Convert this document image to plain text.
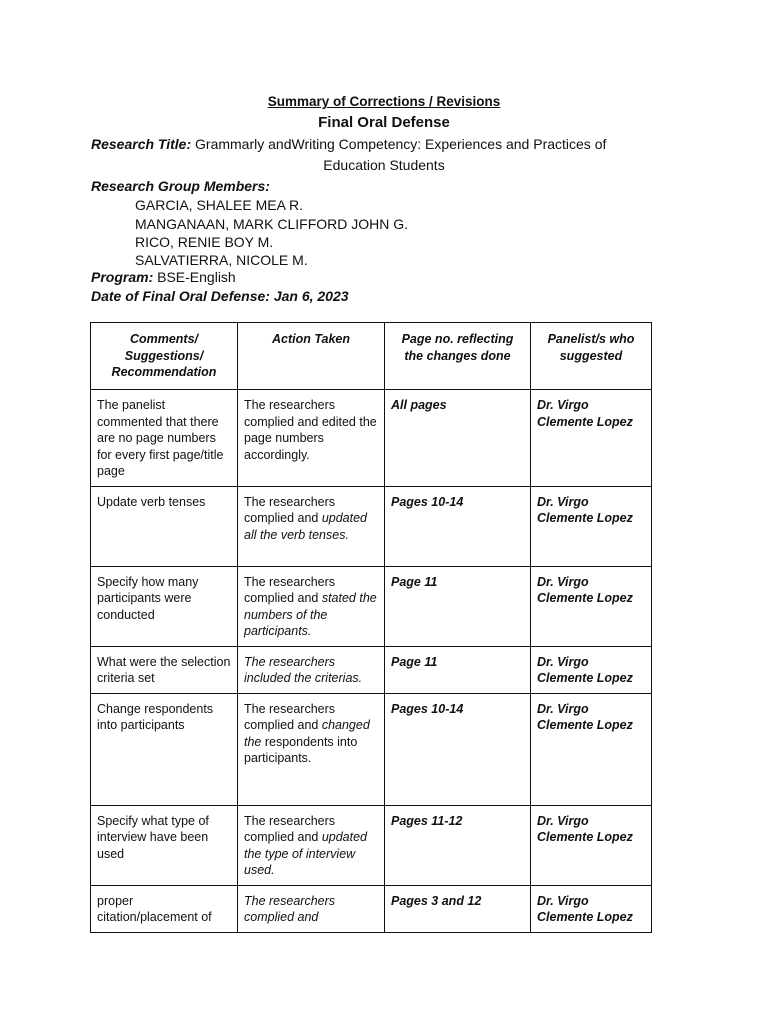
Summary of Corrections / Revisions
Final Oral Defense
Research Title: Grammarly andWriting Competency: Experiences and Practices of
Education Students
Research Group Members:
GARCIA, SHALEE MEA R.
MANGANAAN, MARK CLIFFORD JOHN G.
RICO, RENIE BOY M.
SALVATIERRA, NICOLE M.
Program: BSE-English
Date of Final Oral Defense: Jan 6, 2023
Comments/ Suggestions/ Recommendation	Action Taken	Page no. reflecting the changes done	Panelist/s who suggested
The panelist commented that there are no page numbers for every first page/title page	The researchers complied and edited the page numbers accordingly.	All pages	Dr. Virgo Clemente Lopez
Update verb tenses	The researchers complied and updated all the verb tenses.	Pages 10-14	Dr. Virgo Clemente Lopez
Specify how many participants were conducted	The researchers complied and stated the numbers of the participants.	Page 11	Dr. Virgo Clemente Lopez
What were the selection criteria set	The researchers included the criterias.	Page 11	Dr. Virgo Clemente Lopez
Change respondents into participants	The researchers complied and changed the respondents into participants.	Pages 10-14	Dr. Virgo Clemente Lopez
Specify what type of interview have been used	The researchers complied and updated the type of interview used.	Pages 11-12	Dr. Virgo Clemente Lopez
proper citation/placement of	The researchers complied and	Pages 3 and 12	Dr. Virgo Clemente Lopez
